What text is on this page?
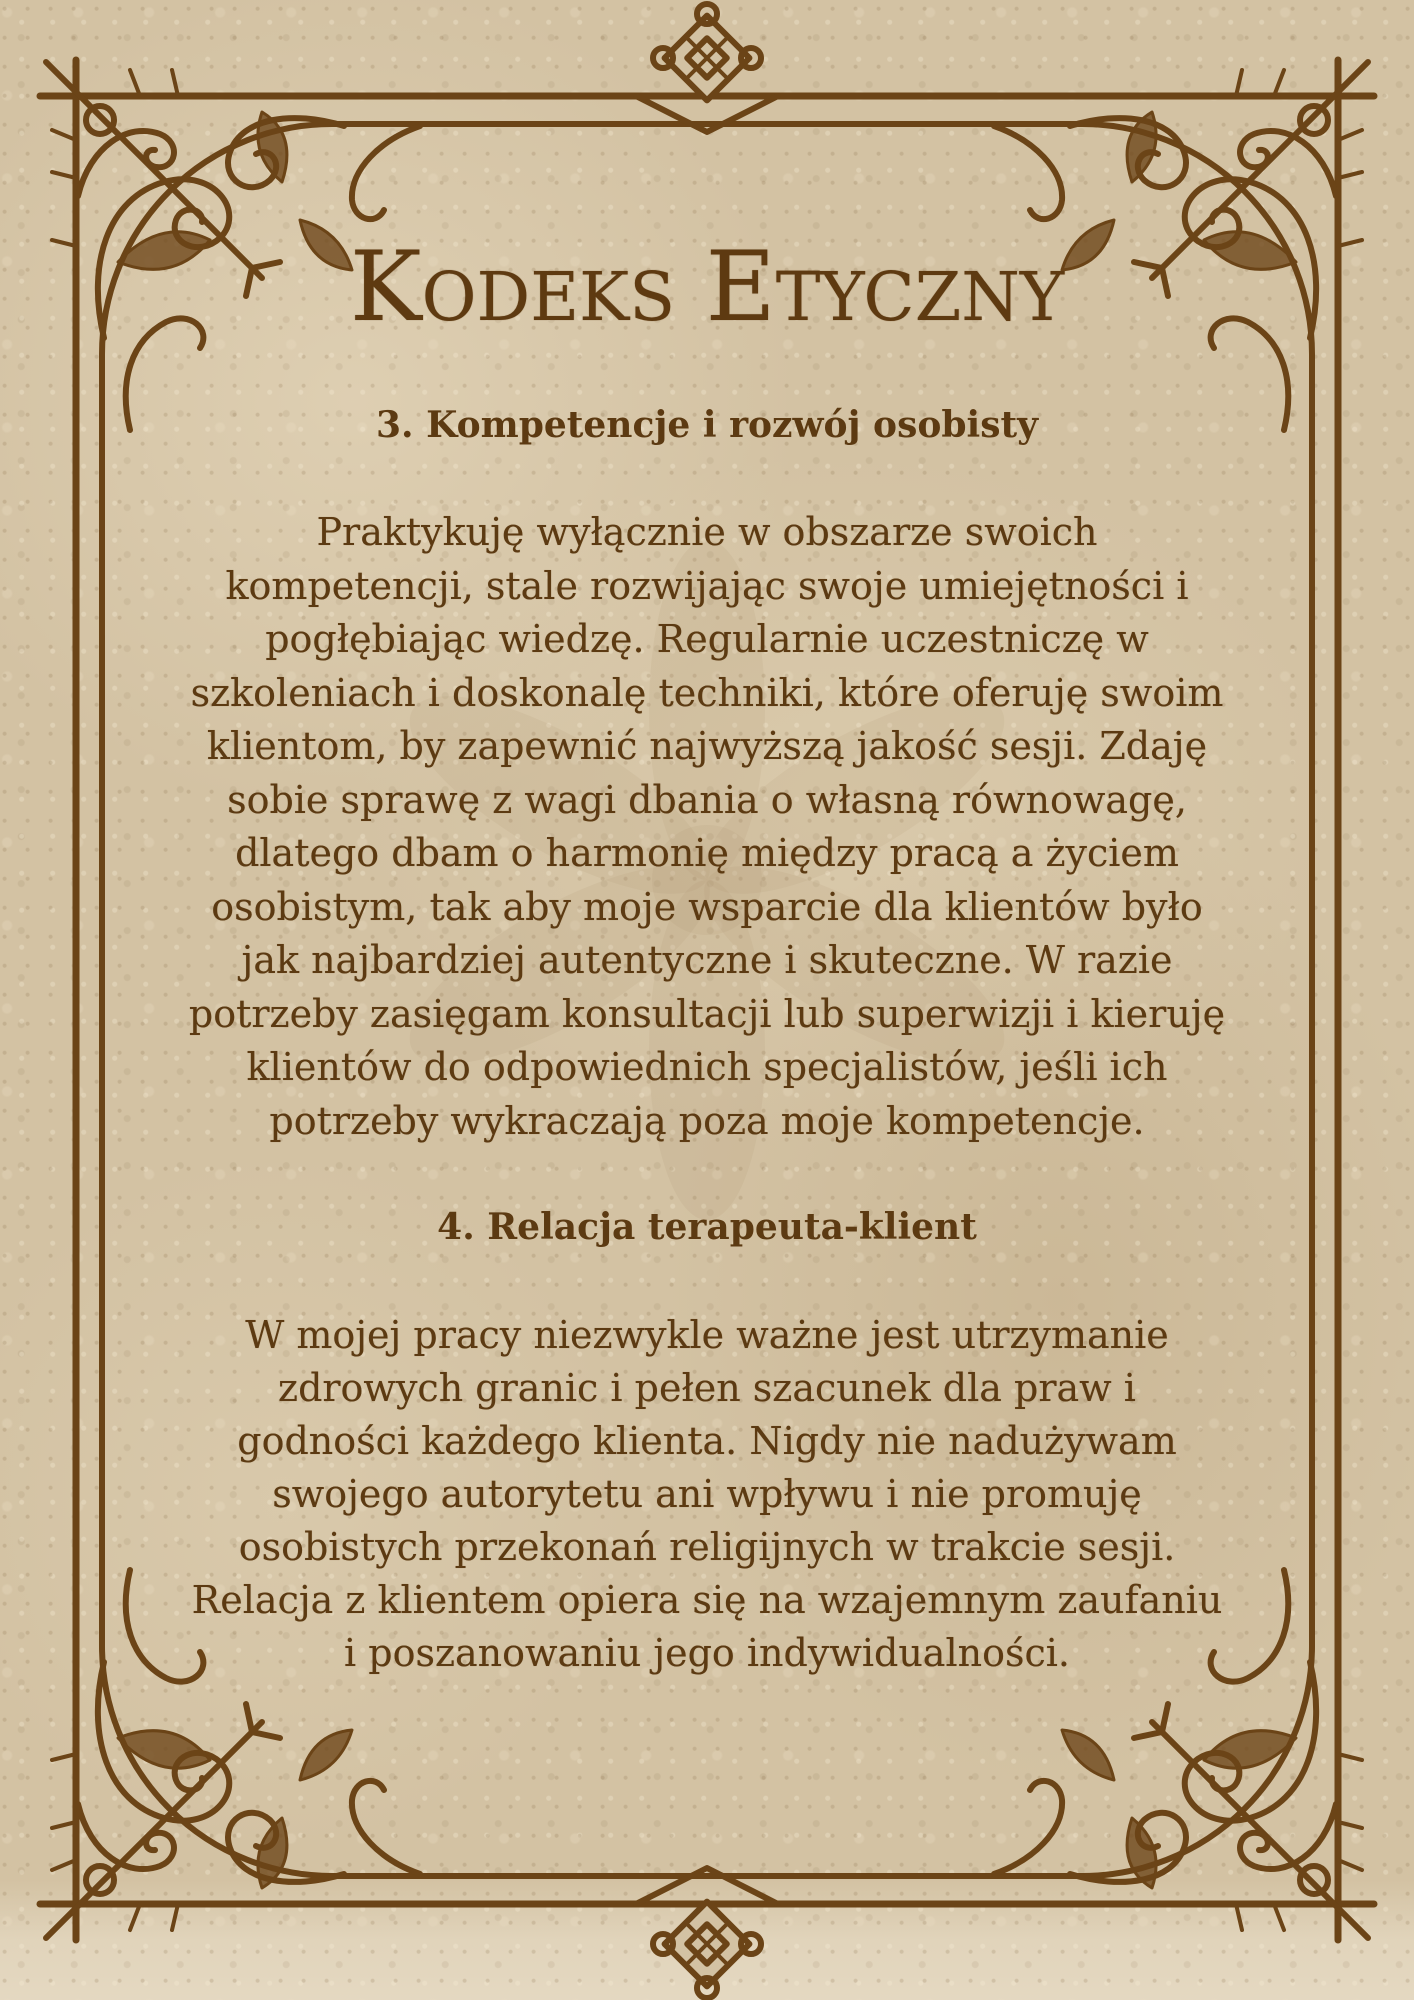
Kodeks Etyczny
3. Kompetencje i rozwój osobisty
Praktykuję wyłącznie w obszarze swoich
kompetencji, stale rozwijając swoje umiejętności i
pogłębiając wiedzę. Regularnie uczestniczę w
szkoleniach i doskonalę techniki, które oferuję swoim
klientom, by zapewnić najwyższą jakość sesji. Zdaję
sobie sprawę z wagi dbania o własną równowagę,
dlatego dbam o harmonię między pracą a życiem
osobistym, tak aby moje wsparcie dla klientów było
jak najbardziej autentyczne i skuteczne. W razie
potrzeby zasięgam konsultacji lub superwizji i kieruję
klientów do odpowiednich specjalistów, jeśli ich
potrzeby wykraczają poza moje kompetencje.
4. Relacja terapeuta-klient
W mojej pracy niezwykle ważne jest utrzymanie
zdrowych granic i pełen szacunek dla praw i
godności każdego klienta. Nigdy nie nadużywam
swojego autorytetu ani wpływu i nie promuję
osobistych przekonań religijnych w trakcie sesji.
Relacja z klientem opiera się na wzajemnym zaufaniu
i poszanowaniu jego indywidualności.
